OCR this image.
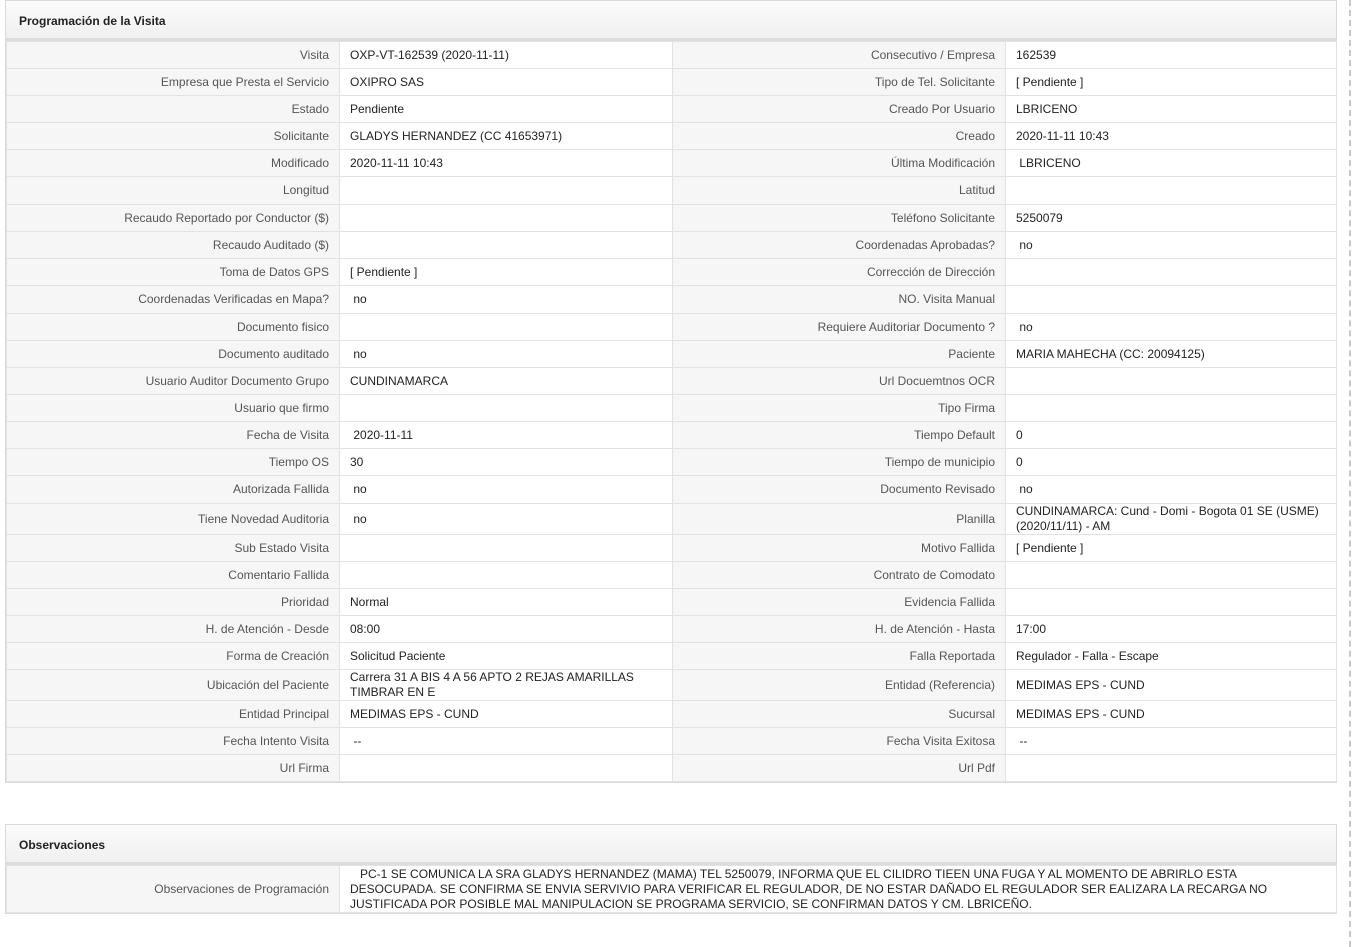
Programación de la Visita
Visita	OXP-VT-162539 (2020-11-11)	Consecutivo / Empresa	162539
Empresa que Presta el Servicio	OXIPRO SAS	Tipo de Tel. Solicitante	[ Pendiente ]
Estado	Pendiente	Creado Por Usuario	LBRICENO
Solicitante	GLADYS HERNANDEZ (CC 41653971)	Creado	2020-11-11 10:43
Modificado	2020-11-11 10:43	Última Modificación	LBRICENO
Longitud		Latitud	
Recaudo Reportado por Conductor ($)		Teléfono Solicitante	5250079
Recaudo Auditado ($)		Coordenadas Aprobadas?	no
Toma de Datos GPS	[ Pendiente ]	Corrección de Dirección	
Coordenadas Verificadas en Mapa?	no	NO. Visita Manual	
Documento fisico		Requiere Auditoriar Documento ?	no
Documento auditado	no	Paciente	MARIA MAHECHA (CC: 20094125)
Usuario Auditor Documento Grupo	CUNDINAMARCA	Url Docuemtnos OCR	
Usuario que firmo		Tipo Firma	
Fecha de Visita	2020-11-11	Tiempo Default	0
Tiempo OS	30	Tiempo de municipio	0
Autorizada Fallida	no	Documento Revisado	no
Tiene Novedad Auditoria	no	Planilla	CUNDINAMARCA: Cund - Domi - Bogota 01 SE (USME) (2020/11/11) - AM
Sub Estado Visita		Motivo Fallida	[ Pendiente ]
Comentario Fallida		Contrato de Comodato	
Prioridad	Normal	Evidencia Fallida	
H. de Atención - Desde	08:00	H. de Atención - Hasta	17:00
Forma de Creación	Solicitud Paciente	Falla Reportada	Regulador - Falla - Escape
Ubicación del Paciente	Carrera 31 A BIS 4 A 56 APTO 2 REJAS AMARILLAS TIMBRAR EN E	Entidad (Referencia)	MEDIMAS EPS - CUND
Entidad Principal	MEDIMAS EPS - CUND	Sucursal	MEDIMAS EPS - CUND
Fecha Intento Visita	--	Fecha Visita Exitosa	--
Url Firma		Url Pdf	
Observaciones
Observaciones de Programación	PC-1 SE COMUNICA LA SRA GLADYS HERNANDEZ (MAMA) TEL 5250079, INFORMA QUE EL CILIDRO TIEEN UNA FUGA Y AL MOMENTO DE ABRIRLO ESTA DESOCUPADA. SE CONFIRMA SE ENVIA SERVIVIO PARA VERIFICAR EL REGULADOR, DE NO ESTAR DAÑADO EL REGULADOR SER EALIZARA LA RECARGA NO JUSTIFICADA POR POSIBLE MAL MANIPULACION SE PROGRAMA SERVICIO, SE CONFIRMAN DATOS Y CM. LBRICEÑO.
